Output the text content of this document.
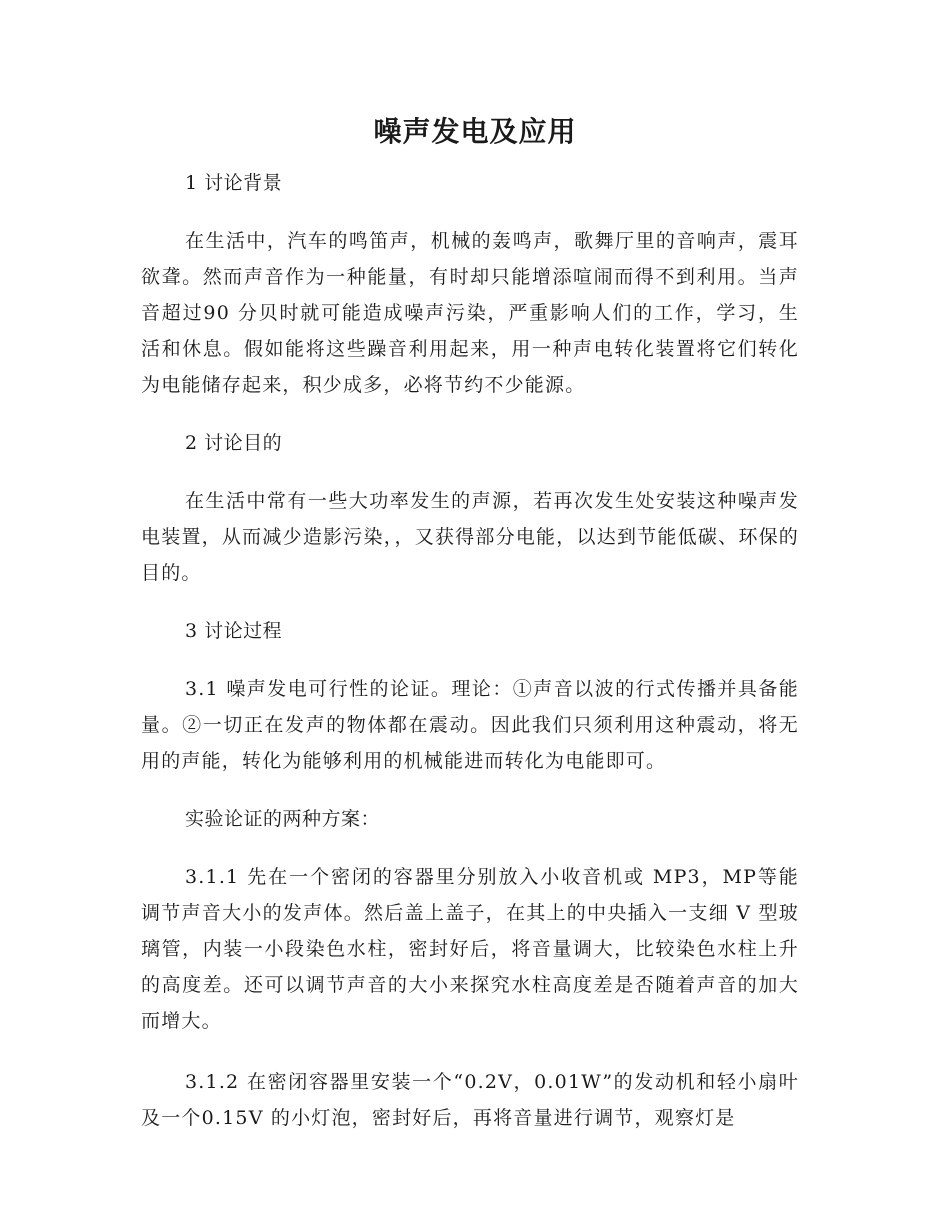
噪声发电及应用

1 讨论背景

在生活中，汽车的鸣笛声，机械的轰鸣声，歌舞厅里的音响声，震耳欲聋。然而声音作为一种能量，有时却只能增添喧闹而得不到利用。当声音超过90 分贝时就可能造成噪声污染，严重影响人们的工作，学习，生活和休息。假如能将这些躁音利用起来，用一种声电转化装置将它们转化为电能储存起来，积少成多，必将节约不少能源。

2 讨论目的

在生活中常有一些大功率发生的声源，若再次发生处安装这种噪声发电装置，从而减少造影污染，，又获得部分电能，以达到节能低碳、环保的目的。

3 讨论过程

3.1 噪声发电可行性的论证。理论：①声音以波的行式传播并具备能量。②一切正在发声的物体都在震动。因此我们只须利用这种震动，将无用的声能，转化为能够利用的机械能进而转化为电能即可。

实验论证的两种方案：

3.1.1 先在一个密闭的容器里分别放入小收音机或 MP3，MP等能调节声音大小的发声体。然后盖上盖子，在其上的中央插入一支细 V 型玻璃管，内装一小段染色水柱，密封好后，将音量调大，比较染色水柱上升的高度差。还可以调节声音的大小来探究水柱高度差是否随着声音的加大而增大。

3.1.2 在密闭容器里安装一个“0.2V，0.01W”的发动机和轻小扇叶及一个0.15V 的小灯泡，密封好后，再将音量进行调节，观察灯是
